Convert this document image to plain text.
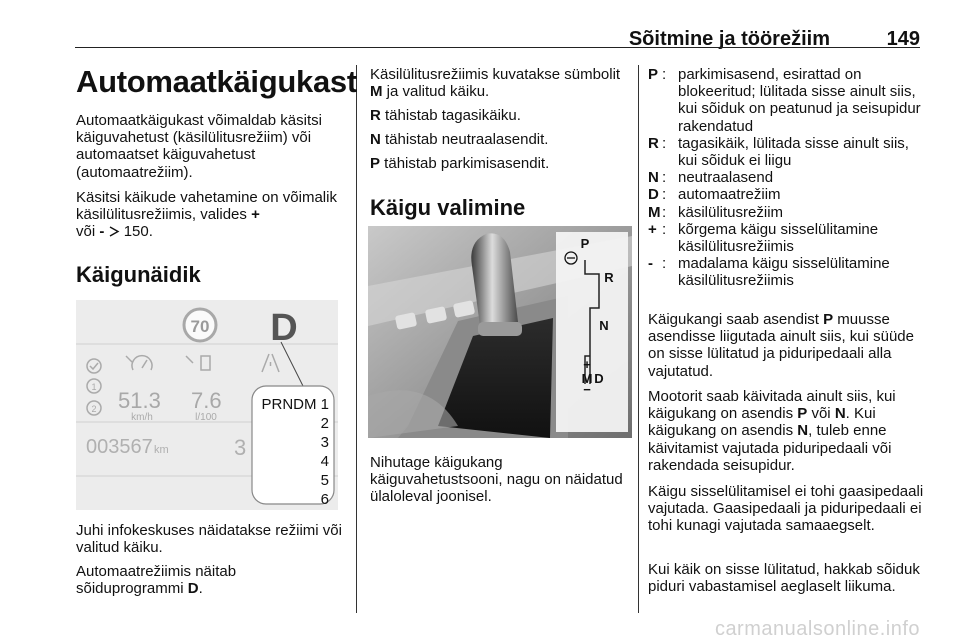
Sõitmine ja töörežiim	149
Automaatkäigukast

Automaatkäigukast võimaldab käsitsi käiguvahetust (käsilülitusrežiim) või automaatset käiguvahetust (automaatrežiim).

Käsitsi käikude vahetamine on võimalik käsilülitusrežiimis, valides +
või - 150.

Käigunäidik
70 D
1
2 51.3
km/h
7.6
l/100
003567 km	3
PRNDM 1
2
3
4
5
6

Juhi infokeskuses näidatakse režiimi või valitud käiku.

Automaatrežiimis näitab sõiduprogrammi D.

Käsilülitusrežiimis kuvatakse sümbolit M ja valitud käiku.

R tähistab tagasikäiku.

N tähistab neutraalasendit.

P tähistab parkimisasendit.

Käigu valimine
P
R
N
+
M D
−

Nihutage käigukang käiguvahetustsooni, nagu on näidatud ülaloleval joonisel.

P : parkimisasend, esirattad on blokeeritud; lülitada sisse ainult siis, kui sõiduk on peatunud ja seisupidur rakendatud
R : tagasikäik, lülitada sisse ainult siis, kui sõiduk ei liigu
N : neutraalasend
D : automaatrežiim
M : käsilülitusrežiim
+ : kõrgema käigu sisselülitamine käsilülitusrežiimis
- : madalama käigu sisselülitamine käsilülitusrežiimis

Käigukangi saab asendist P muusse asendisse liigutada ainult siis, kui süüde on sisse lülitatud ja piduripedaali alla vajutatud.

Mootorit saab käivitada ainult siis, kui käigukang on asendis P või N. Kui käigukang on asendis N, tuleb enne käivitamist vajutada piduripedaali või rakendada seisupidur.

Käigu sisselülitamisel ei tohi gaasipedaali vajutada. Gaasipedaali ja piduripedaali ei tohi kunagi vajutada samaaegselt.

Kui käik on sisse lülitatud, hakkab sõiduk piduri vabastamisel aeglaselt liikuma.

carmanualsonline.info
